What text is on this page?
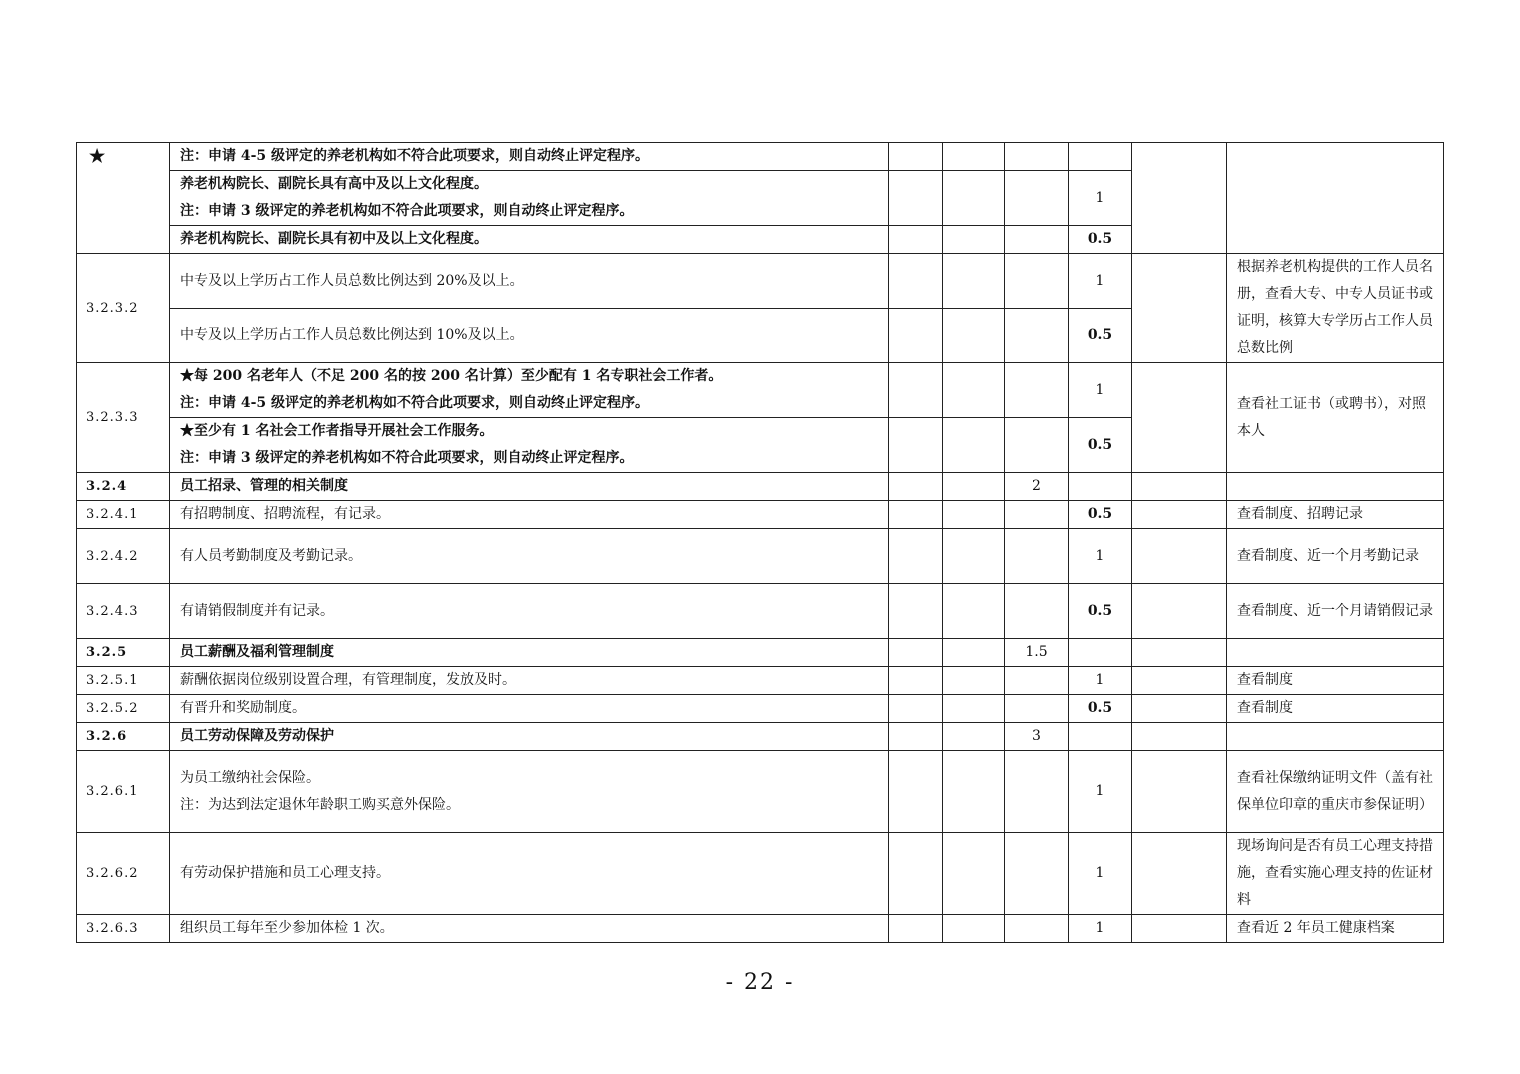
★	注：申请 4-5 级评定的养老机构如不符合此项要求，则自动终止评定程序。						

	养老机构院长、副院长具有高中及以上文化程度。
注：申请 3 级评定的养老机构如不符合此项要求，则自动终止评定程序。				1		
	养老机构院长、副院长具有初中及以上文化程度。				0.5		
3.2.3.2	中专及以上学历占工作人员总数比例达到 20%及以上。				1		根据养老机构提供的工作人员名册，查看大专、中专人员证书或证明，核算大专学历占工作人员总数比例
	中专及以上学历占工作人员总数比例达到 10%及以上。				0.5		
3.2.3.3	★每 200 名老年人（不足 200 名的按 200 名计算）至少配有 1 名专职社会工作者。
注：申请 4-5 级评定的养老机构如不符合此项要求，则自动终止评定程序。				1		查看社工证书（或聘书），对照本人

	★至少有 1 名社会工作者指导开展社会工作服务。
注：申请 3 级评定的养老机构如不符合此项要求，则自动终止评定程序。				0.5		
3.2.4	员工招录、管理的相关制度			2			
3.2.4.1	有招聘制度、招聘流程，有记录。				0.5		查看制度、招聘记录
3.2.4.2	有人员考勤制度及考勤记录。				1		查看制度、近一个月考勤记录
3.2.4.3	有请销假制度并有记录。				0.5		查看制度、近一个月请销假记录
3.2.5	员工薪酬及福利管理制度			1.5			
3.2.5.1	薪酬依据岗位级别设置合理，有管理制度，发放及时。				1		查看制度
3.2.5.2	有晋升和奖励制度。				0.5		查看制度
3.2.6	员工劳动保障及劳动保护			3			
3.2.6.1	为员工缴纳社会保险。
注：为达到法定退休年龄职工购买意外保险。				1		查看社保缴纳证明文件（盖有社保单位印章的重庆市参保证明）
3.2.6.2	有劳动保护措施和员工心理支持。				1		现场询问是否有员工心理支持措施，查看实施心理支持的佐证材料
3.2.6.3	组织员工每年至少参加体检 1 次。				1		查看近 2 年员工健康档案
- 22 -
